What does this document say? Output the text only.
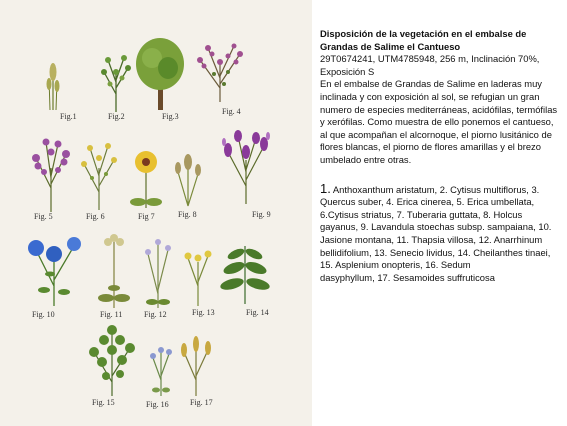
Fig.1	Fig.2	Fig.3
Fig. 4
Fig. 5	Fig. 6	Fig 7	Fig. 8	Fig. 9
Fig. 10	Fig. 11	Fig. 12	Fig. 13	Fig. 14
Fig. 15	Fig. 16	Fig. 17

Disposición de la vegetación en el embalse de

Grandas de Salime el Cantueso

29T0674241, UTM4785948, 256 m, Inclinación 70%,

Exposición S

En el embalse de Grandas de Salime en laderas muy inclinada y con exposición al sol, se refugian un gran numero de especies mediterráneas, acidófilas, termófilas y xerófilas. Como muestra de ello ponemos el cantueso, al que acompañan el alcornoque, el piorno lusitánico de flores blancas, el piorno de flores amarillas y el brezo umbelado entre otras.

1. Anthoxanthum aristatum, 2. Cytisus multiflorus, 3. Quercus suber, 4. Erica cinerea, 5. Erica umbellata, 6.Cytisus striatus, 7. Tuberaria guttata, 8. Holcus gayanus, 9. Lavandula stoechas subsp. sampaiana, 10. Jasione montana, 11. Thapsia villosa, 12. Anarrhinum bellidifolium, 13. Senecio lividus, 14. Cheilanthes tinaei, 15. Asplenium onopteris, 16. Sedum

dasyphyllum, 17. Sesamoides suffruticosa
